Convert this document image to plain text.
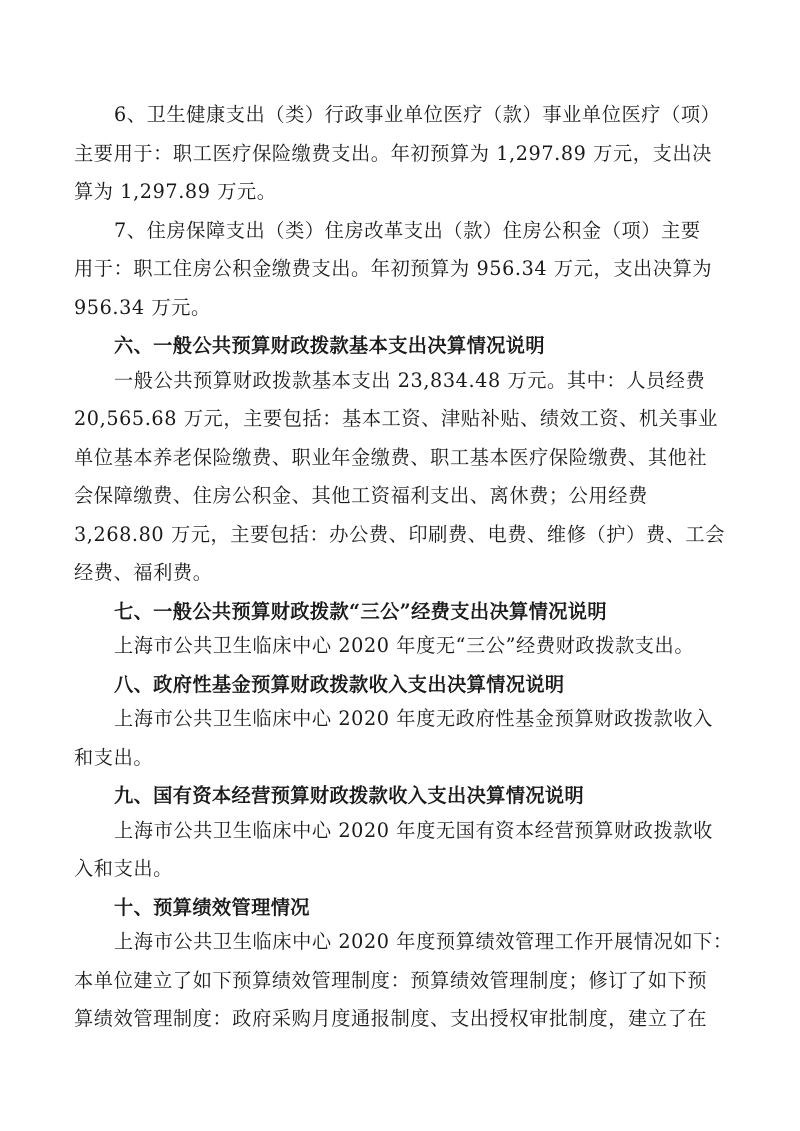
6、卫生健康支出（类）行政事业单位医疗（款）事业单位医疗（项）
主要用于：职工医疗保险缴费支出。年初预算为 1,297.89 万元，支出决
算为 1,297.89 万元。
7、住房保障支出（类）住房改革支出（款）住房公积金（项）主要
用于：职工住房公积金缴费支出。年初预算为 956.34 万元，支出决算为
956.34 万元。
六、一般公共预算财政拨款基本支出决算情况说明
一般公共预算财政拨款基本支出 23,834.48 万元。其中：人员经费
20,565.68 万元，主要包括：基本工资、津贴补贴、绩效工资、机关事业
单位基本养老保险缴费、职业年金缴费、职工基本医疗保险缴费、其他社
会保障缴费、住房公积金、其他工资福利支出、离休费；公用经费
3,268.80 万元，主要包括：办公费、印刷费、电费、维修（护）费、工会
经费、福利费。
七、一般公共预算财政拨款“三公”经费支出决算情况说明
上海市公共卫生临床中心 2020 年度无“三公”经费财政拨款支出。
八、政府性基金预算财政拨款收入支出决算情况说明
上海市公共卫生临床中心 2020 年度无政府性基金预算财政拨款收入
和支出。
九、国有资本经营预算财政拨款收入支出决算情况说明
上海市公共卫生临床中心 2020 年度无国有资本经营预算财政拨款收
入和支出。
十、预算绩效管理情况
上海市公共卫生临床中心 2020 年度预算绩效管理工作开展情况如下：
本单位建立了如下预算绩效管理制度：预算绩效管理制度；修订了如下预
算绩效管理制度：政府采购月度通报制度、支出授权审批制度，建立了在
